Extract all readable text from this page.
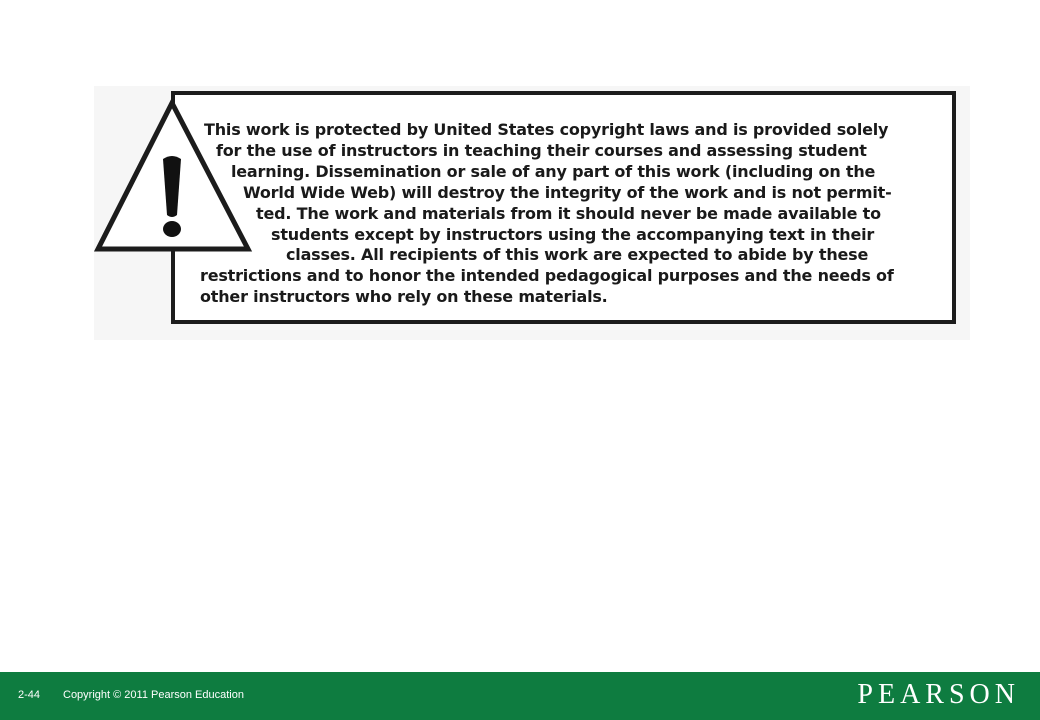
This work is protected by United States copyright laws and is provided solely
for the use of instructors in teaching their courses and assessing student
learning. Dissemination or sale of any part of this work (including on the
World Wide Web) will destroy the integrity of the work and is not permit-
ted. The work and materials from it should never be made available to
students except by instructors using the accompanying text in their
classes. All recipients of this work are expected to abide by these
restrictions and to honor the intended pedagogical purposes and the needs of
other instructors who rely on these materials.
2-44 Copyright © 2011 Pearson Education	PEARSON
